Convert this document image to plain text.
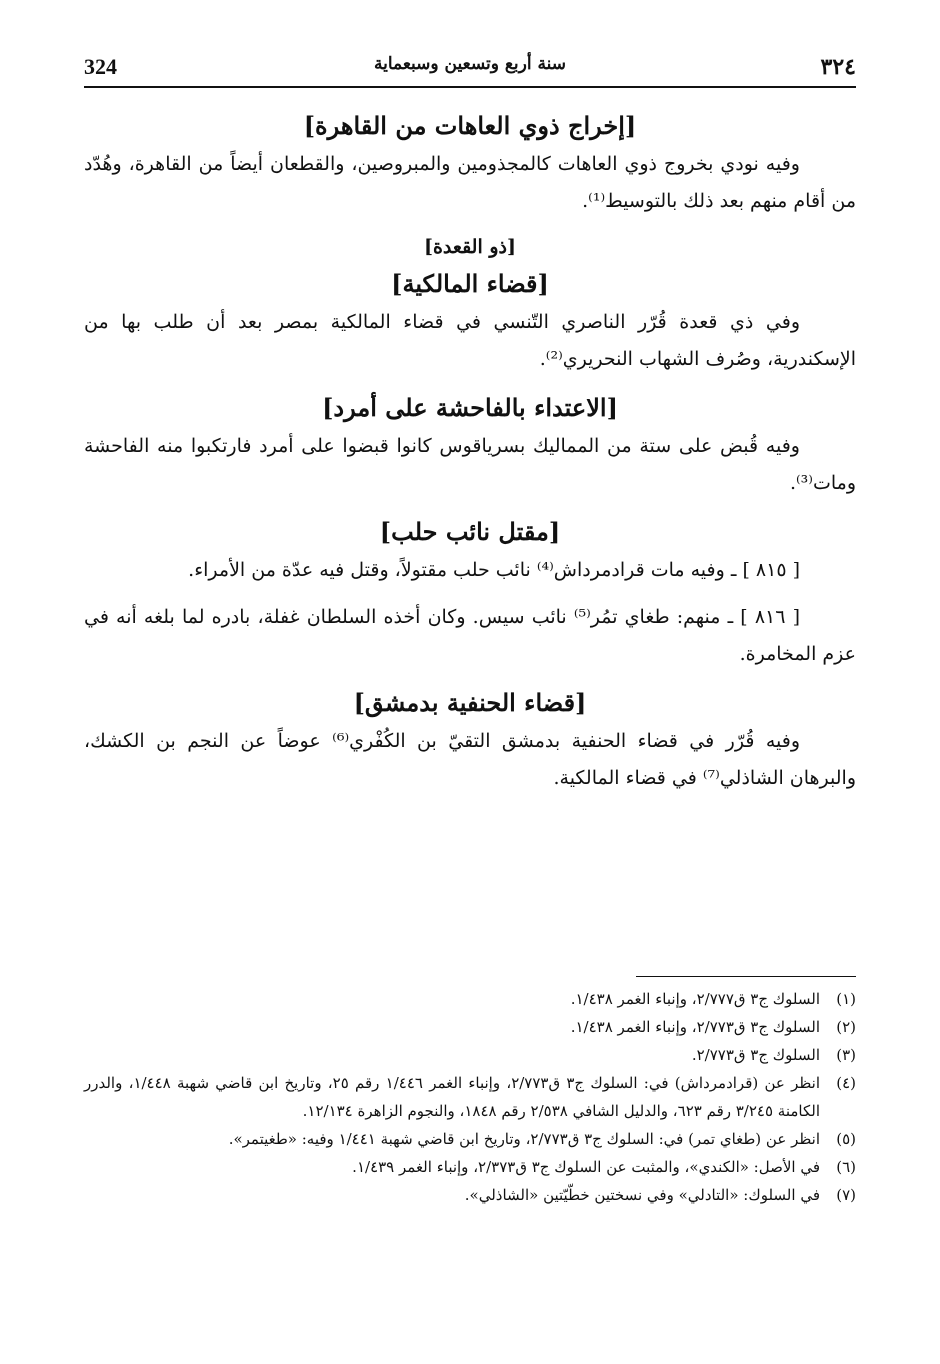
324	سنة أربع وتسعين وسبعماية	٣٢٤
[إخراج ذوي العاهات من القاهرة]

وفيه نودي بخروج ذوي العاهات كالمجذومين والمبروصين، والقطعان أيضاً من القاهرة، وهُدّد من أقام منهم بعد ذلك بالتوسيط⁽¹⁾.

[ذو القعدة]
[قضاء المالكية]

وفي ذي قعدة قُرّر الناصري التّنسي في قضاء المالكية بمصر بعد أن طلب بها من الإسكندرية، وصُرف الشهاب النحريري⁽²⁾.

[الاعتداء بالفاحشة على أمرد]

وفيه قُبض على ستة من المماليك بسرياقوس كانوا قبضوا على أمرد فارتكبوا منه الفاحشة ومات⁽³⁾.

[مقتل نائب حلب]

[ ٨١٥ ] ـ وفيه مات قرادمرداش⁽⁴⁾ نائب حلب مقتولاً، وقتل فيه عدّة من الأمراء.

[ ٨١٦ ] ـ منهم: طغاي تمُر⁽⁵⁾ نائب سيس. وكان أخذه السلطان غفلة، بادره لما بلغه أنه في عزم المخامرة.

[قضاء الحنفية بدمشق]

وفيه قُرّر في قضاء الحنفية بدمشق التقيّ بن الكُفْري⁽⁶⁾ عوضاً عن النجم بن الكشك، والبرهان الشاذلي⁽⁷⁾ في قضاء المالكية.

(١)
السلوك ج٣ ق٢/٧٧٧، وإنباء الغمر ١/٤٣٨.
(٢)
السلوك ج٣ ق٢/٧٧٣، وإنباء الغمر ١/٤٣٨.
(٣)
السلوك ج٣ ق٢/٧٧٣.
(٤)
انظر عن (قرادمرداش) في: السلوك ج٣ ق٢/٧٧٣، وإنباء الغمر ١/٤٤٦ رقم ٢٥، وتاريخ ابن قاضي شهبة ١/٤٤٨، والدرر الكامنة ٣/٢٤٥ رقم ٦٢٣، والدليل الشافي ٢/٥٣٨ رقم ١٨٤٨، والنجوم الزاهرة ١٢/١٣٤.
(٥)
انظر عن (طغاي تمر) في: السلوك ج٣ ق٢/٧٧٣، وتاريخ ابن قاضي شهبة ١/٤٤١ وفيه: «طغيتمر».
(٦)
في الأصل: «الكندي»، والمثبت عن السلوك ج٣ ق٢/٣٧٣، وإنباء الغمر ١/٤٣٩.
(٧)
في السلوك: «التادلي» وفي نسختين خطّيّتين «الشاذلي».
